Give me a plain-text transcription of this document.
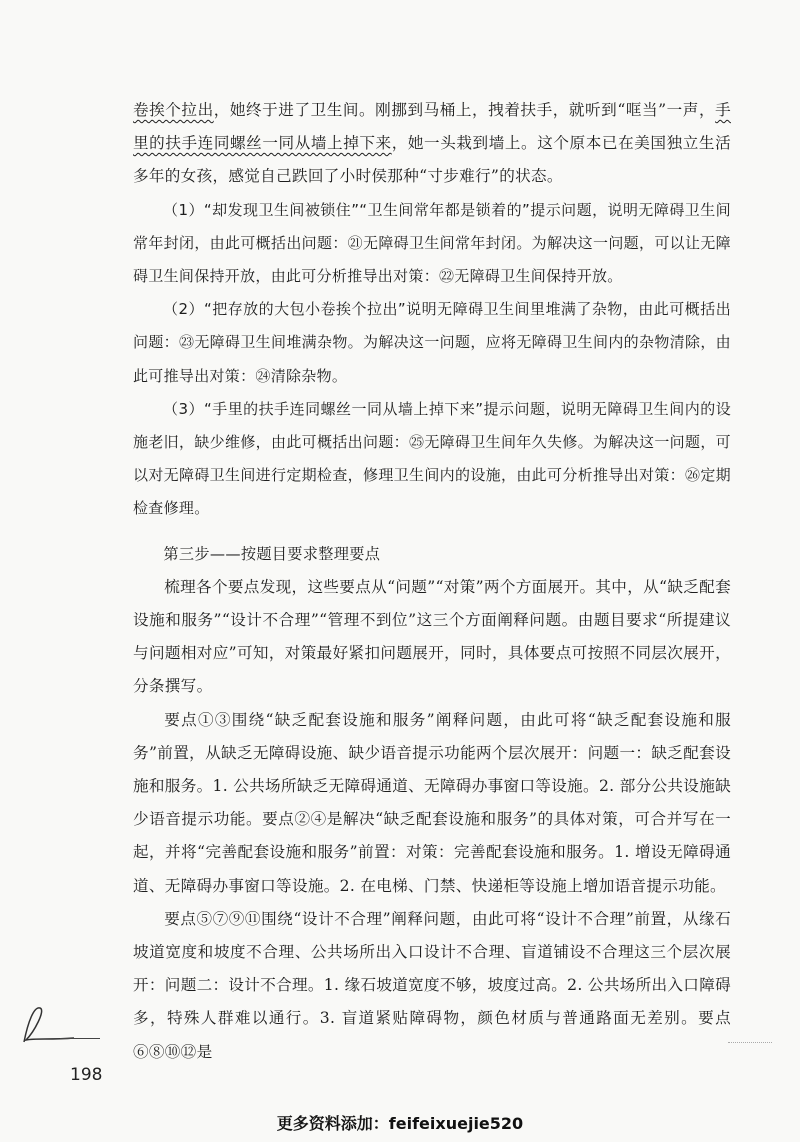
卷挨个拉出，她终于进了卫生间。刚挪到马桶上，拽着扶手，就听到“哐当”一声，手里的扶手连同螺丝一同从墙上掉下来，她一头栽到墙上。这个原本已在美国独立生活多年的女孩，感觉自己跌回了小时侯那种“寸步难行”的状态。

（1）“却发现卫生间被锁住”“卫生间常年都是锁着的”提示问题，说明无障碍卫生间常年封闭，由此可概括出问题：㉑无障碍卫生间常年封闭。为解决这一问题，可以让无障碍卫生间保持开放，由此可分析推导出对策：㉒无障碍卫生间保持开放。

（2）“把存放的大包小卷挨个拉出”说明无障碍卫生间里堆满了杂物，由此可概括出问题：㉓无障碍卫生间堆满杂物。为解决这一问题，应将无障碍卫生间内的杂物清除，由此可推导出对策：㉔清除杂物。

（3）“手里的扶手连同螺丝一同从墙上掉下来”提示问题，说明无障碍卫生间内的设施老旧，缺少维修，由此可概括出问题：㉕无障碍卫生间年久失修。为解决这一问题，可以对无障碍卫生间进行定期检查，修理卫生间内的设施，由此可分析推导出对策：㉖定期检查修理。

第三步——按题目要求整理要点

梳理各个要点发现，这些要点从“问题”“对策”两个方面展开。其中，从“缺乏配套设施和服务”“设计不合理”“管理不到位”这三个方面阐释问题。由题目要求“所提建议与问题相对应”可知，对策最好紧扣问题展开，同时，具体要点可按照不同层次展开，分条撰写。

要点①③围绕“缺乏配套设施和服务”阐释问题，由此可将“缺乏配套设施和服务”前置，从缺乏无障碍设施、缺少语音提示功能两个层次展开：问题一：缺乏配套设施和服务。1. 公共场所缺乏无障碍通道、无障碍办事窗口等设施。2. 部分公共设施缺少语音提示功能。要点②④是解决“缺乏配套设施和服务”的具体对策，可合并写在一起，并将“完善配套设施和服务”前置：对策：完善配套设施和服务。1. 增设无障碍通道、无障碍办事窗口等设施。2. 在电梯、门禁、快递柜等设施上增加语音提示功能。

要点⑤⑦⑨⑪围绕“设计不合理”阐释问题，由此可将“设计不合理”前置，从缘石坡道宽度和坡度不合理、公共场所出入口设计不合理、盲道铺设不合理这三个层次展开：问题二：设计不合理。1. 缘石坡道宽度不够，坡度过高。2. 公共场所出入口障碍多，特殊人群难以通行。3. 盲道紧贴障碍物，颜色材质与普通路面无差别。要点⑥⑧⑩⑫是

198
更多资料添加：feifeixuejie520
